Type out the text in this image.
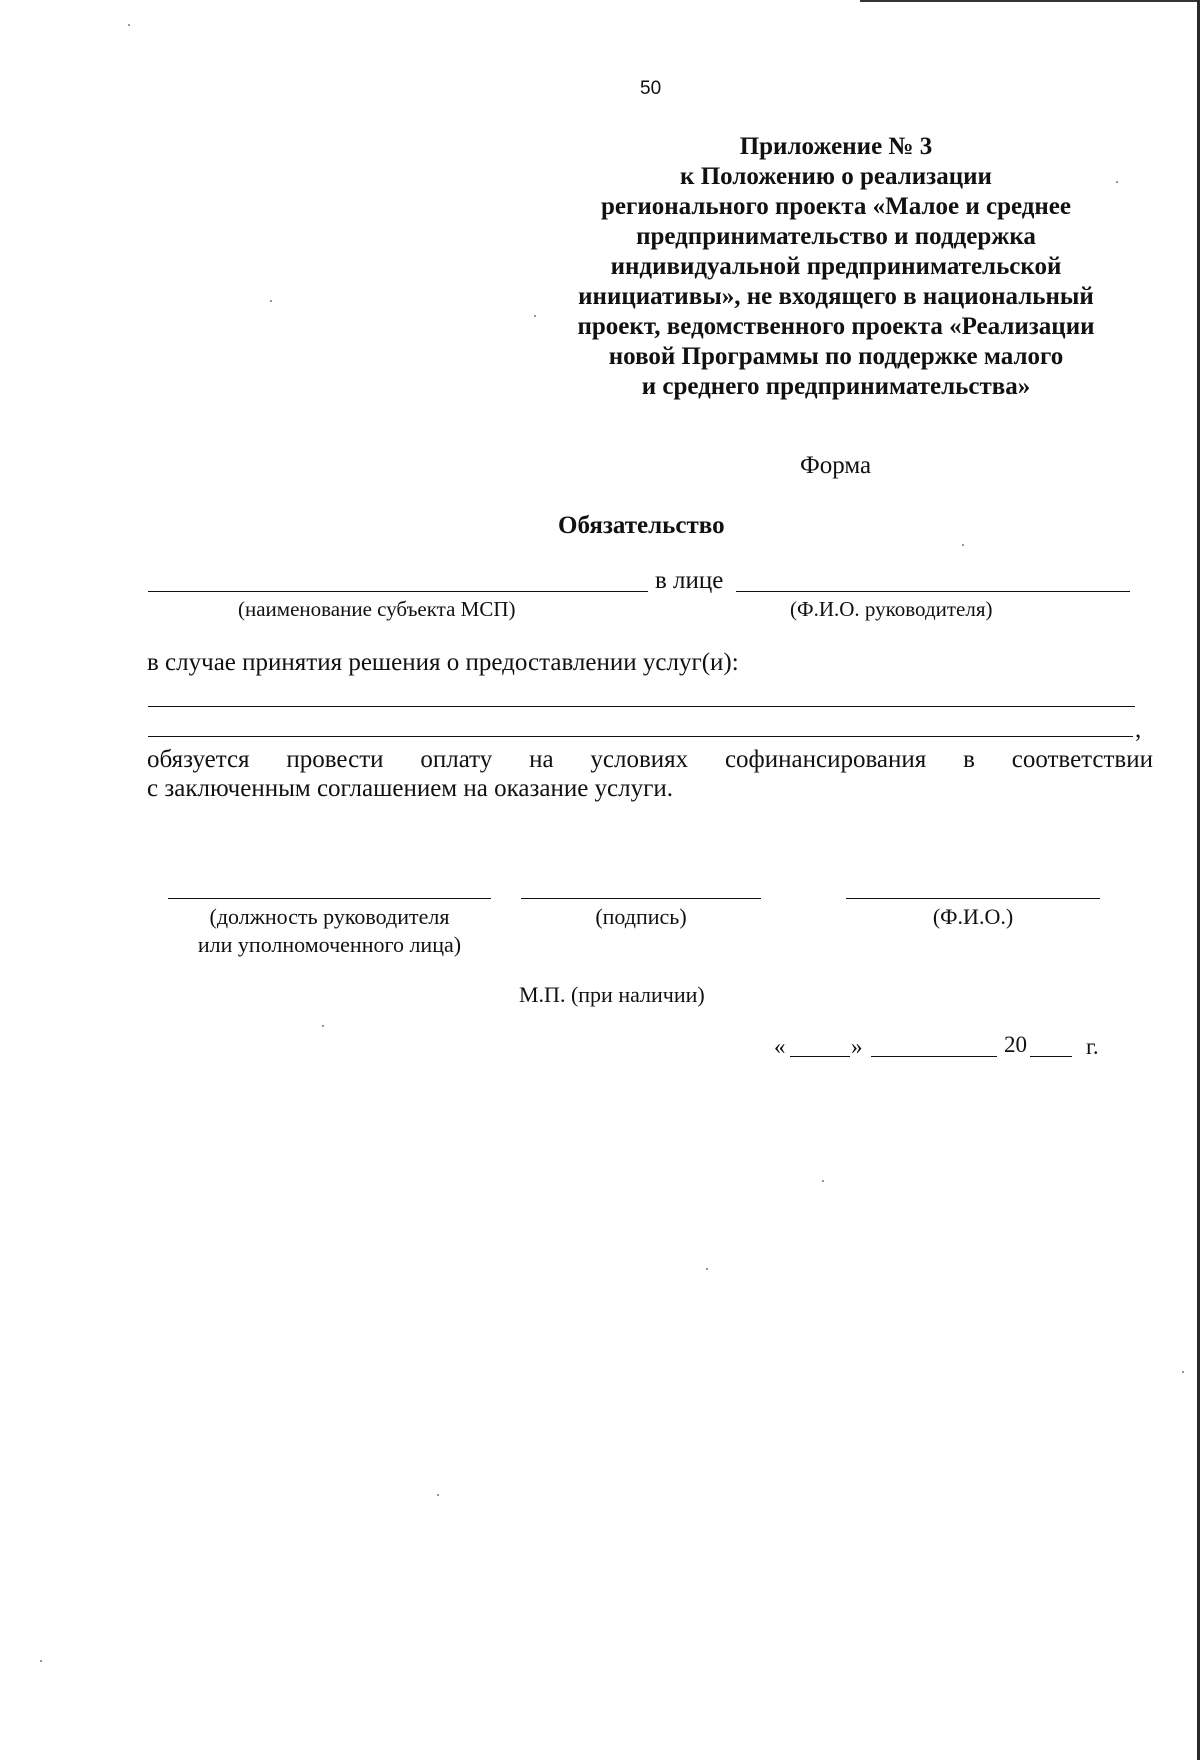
50
Приложение № 3
к Положению о реализации
регионального проекта «Малое и среднее
предпринимательство и поддержка
индивидуальной предпринимательской
инициативы», не входящего в национальный
проект, ведомственного проекта «Реализации
новой Программы по поддержке малого
и среднего предпринимательства»
Форма
Обязательство
в лице
(наименование субъекта МСП)	(Ф.И.О. руководителя)
в случае принятия решения о предоставлении услуг(и):
,
обязуется провести оплату на условиях софинансирования в соответствии
с заключенным соглашением на оказание услуги.
(должность руководителя
или уполномоченного лица)
(подпись)	(Ф.И.О.)
М.П. (при наличии)
«	»	20	г.
